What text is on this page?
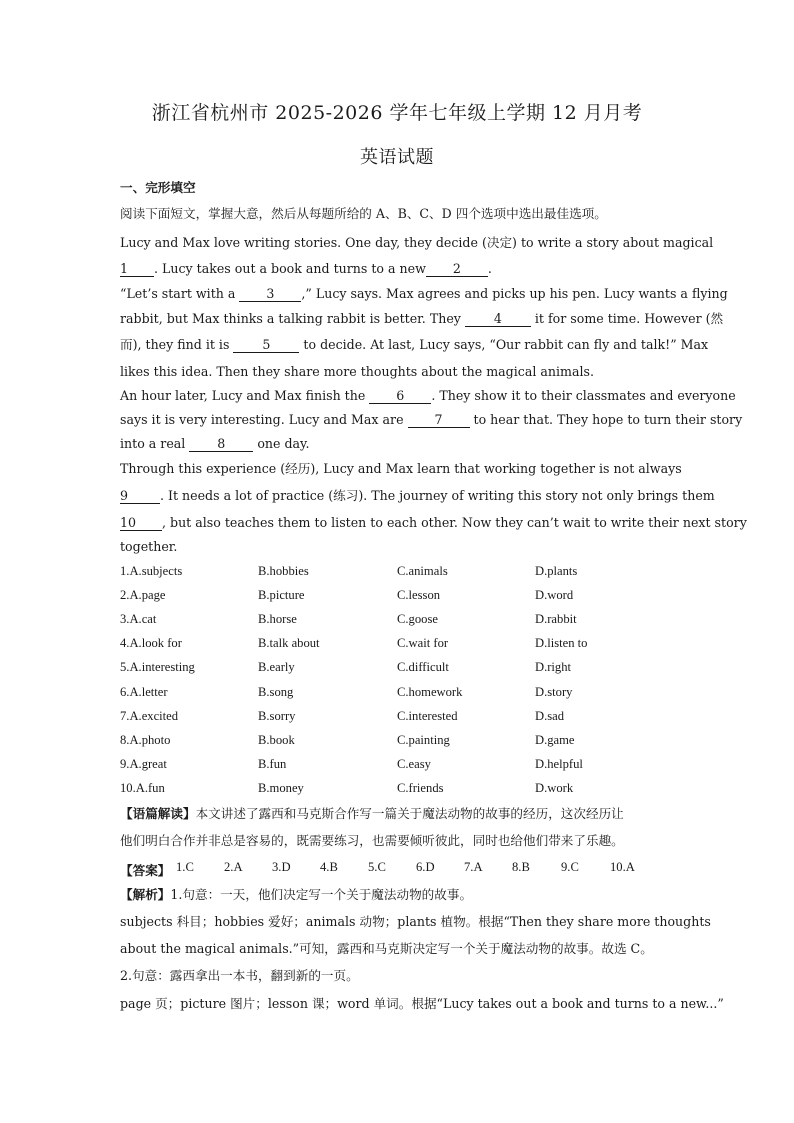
浙江省杭州市 2025-2026 学年七年级上学期 12 月月考
英语试题
一、完形填空
阅读下面短文，掌握大意，然后从每题所给的 A、B、C、D 四个选项中选出最佳选项。
Lucy and Max love writing stories. One day, they decide (决定) to write a story about magical
1 . Lucy takes out a book and turns to a new 2 .
“Let’s start with a 3 ,” Lucy says. Max agrees and picks up his pen. Lucy wants a flying
rabbit, but Max thinks a talking rabbit is better. They 4 it for some time. However (然
而), they find it is 5 to decide. At last, Lucy says, “Our rabbit can fly and talk!” Max
likes this idea. Then they share more thoughts about the magical animals.
An hour later, Lucy and Max finish the 6 . They show it to their classmates and everyone
says it is very interesting. Lucy and Max are 7 to hear that. They hope to turn their story
into a real 8 one day.
Through this experience (经历), Lucy and Max learn that working together is not always
9	. It needs a lot of practice (练习). The journey of writing this story not only brings them
10 , but also teaches them to listen to each other. Now they can’t wait to write their next story
together.
1.A.subjects	B.hobbies	C.animals	D.plants
2.A.page	B.picture	C.lesson	D.word
3.A.cat	B.horse	C.goose	D.rabbit
4.A.look for	B.talk about	C.wait for	D.listen to
5.A.interesting	B.early	C.difficult	D.right
6.A.letter	B.song	C.homework	D.story
7.A.excited	B.sorry	C.interested	D.sad
8.A.photo	B.book	C.painting	D.game
9.A.great	B.fun	C.easy	D.helpful
10.A.fun	B.money	C.friends	D.work
【语篇解读】本文讲述了露西和马克斯合作写一篇关于魔法动物的故事的经历，这次经历让
他们明白合作并非总是容易的，既需要练习，也需要倾听彼此，同时也给他们带来了乐趣。
【答案】 1.C 2.A 3.D 4.B 5.C 6.D 7.A 8.B 9.C 10.A
【解析】1.句意：一天，他们决定写一个关于魔法动物的故事。
subjects 科目；hobbies 爱好；animals 动物；plants 植物。根据“Then they share more thoughts
about the magical animals.”可知，露西和马克斯决定写一个关于魔法动物的故事。故选 C。
2.句意：露西拿出一本书，翻到新的一页。
page 页；picture 图片；lesson 课；word 单词。根据“Lucy takes out a book and turns to a new...”
